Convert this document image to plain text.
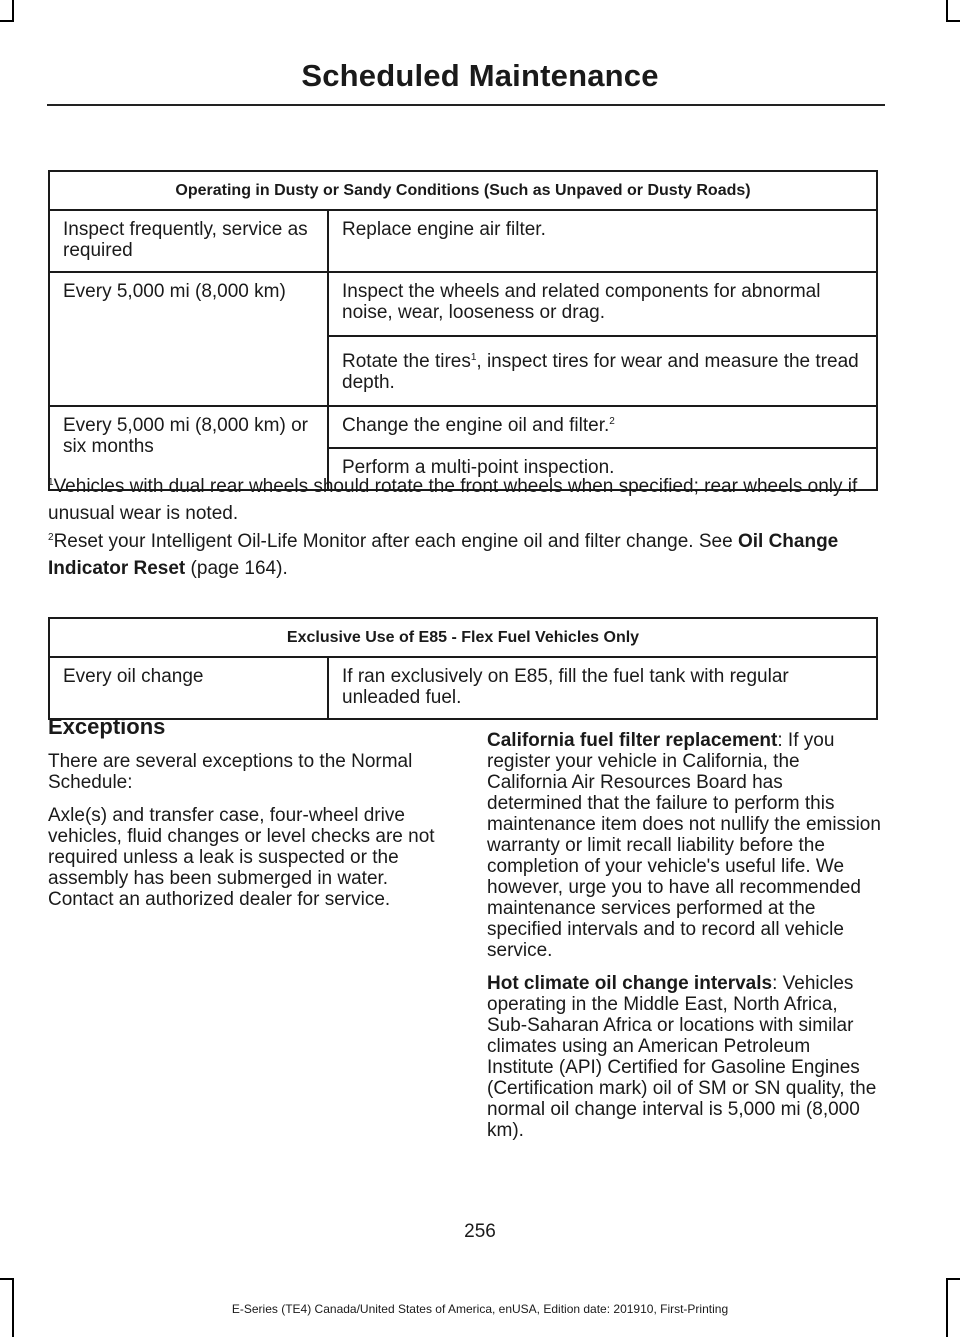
Scheduled Maintenance
Operating in Dusty or Sandy Conditions (Such as Unpaved or Dusty Roads)	
Inspect frequently, service as required	Replace engine air filter.
Every 5,000 mi (8,000 km)	Inspect the wheels and related components for abnormal noise, wear, looseness or drag.
	Rotate the tires$^1$, inspect tires for wear and measure the tread depth.
Every 5,000 mi (8,000 km) or six months	Change the engine oil and filter.$^2$
	Perform a multi-point inspection.
$^1$Vehicles with dual rear wheels should rotate the front wheels when specified; rear wheels only if unusual wear is noted.
$^2$Reset your Intelligent Oil-Life Monitor after each engine oil and filter change. See Oil Change Indicator Reset (page 164).
Exclusive Use of E85 - Flex Fuel Vehicles Only
Every oil change	If ran exclusively on E85, fill the fuel tank with regular unleaded fuel.
Exceptions

There are several exceptions to the Normal Schedule:

Axle(s) and transfer case, four-wheel drive vehicles, fluid changes or level checks are not required unless a leak is suspected or the assembly has been submerged in water. Contact an authorized dealer for service.

California fuel filter replacement: If you register your vehicle in California, the California Air Resources Board has determined that the failure to perform this maintenance item does not nullify the emission warranty or limit recall liability before the completion of your vehicle's useful life. We however, urge you to have all recommended maintenance services performed at the specified intervals and to record all vehicle service.

Hot climate oil change intervals: Vehicles operating in the Middle East, North Africa, Sub-Saharan Africa or locations with similar climates using an American Petroleum Institute (API) Certified for Gasoline Engines (Certification mark) oil of SM or SN quality, the normal oil change interval is 5,000 mi (8,000 km).

256
E-Series (TE4) Canada/United States of America, enUSA, Edition date: 201910, First-Printing
